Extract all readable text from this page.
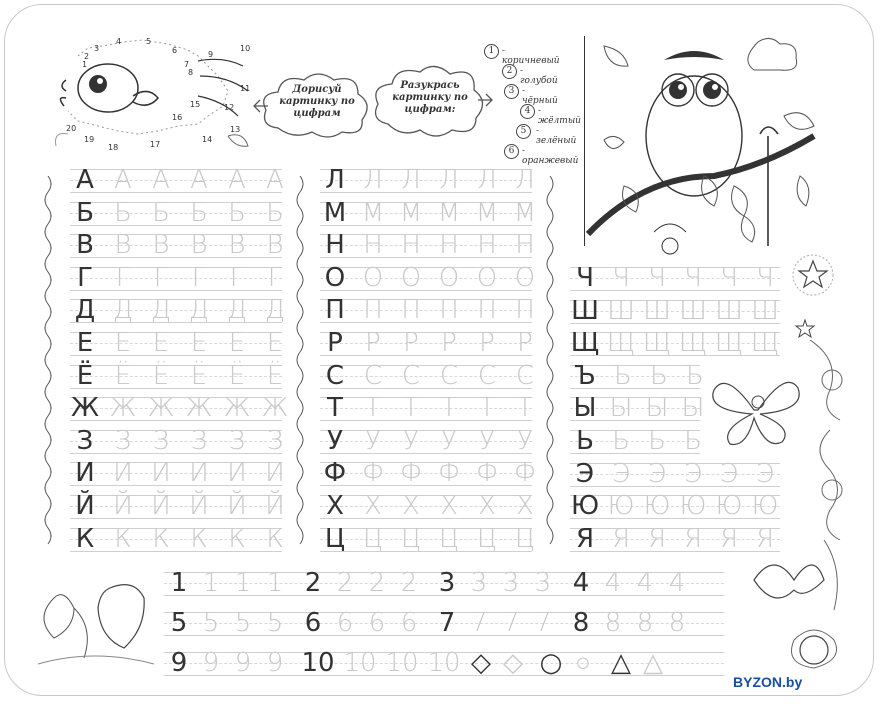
1
2
3
4	5
6
7
8
9
10
11
12
13
14
15
16
17
18
19
20
Дорисуй картинку по цифрам
Разукрась картинку по цифрам:
1 - коричневый
2 - голубой
3 - чёрный
4 - жёлтый
5	- зелёный
6 - оранжевый
А А А А А А
Б Б Б Б Б Б
В В В В В В
Г Г Г Г Г Г
Д Д Д Д Д Д
Е Е Е Е Е Е
Ё Ё Ё Ё Ё Ё
Ж Ж Ж Ж Ж Ж
З З З З З З
И И И И И И
Й Й Й Й Й Й
К К К К К К
Л Л Л Л Л Л
М М М М М М
Н Н Н Н Н Н
О О О О О О
П П П П П П
Р Р Р Р Р Р
С С С С С С
Т Т Т Т Т Т
У У У У У У
Ф Ф Ф Ф Ф Ф
Х Х Х Х Х Х
Ц Ц Ц Ц Ц Ц
Ч Ч Ч Ч Ч Ч
Ш Ш Ш Ш Ш Ш
Щ Щ Щ Щ Щ Щ
Ъ Ъ Ъ Ъ
Ы Ы Ы Ы
Ь Ь Ь Ь
Э Э Э Э Э Э
Ю Ю Ю Ю Ю Ю
Я Я Я Я Я Я
1 1 1 1 2 2 2 2 3 3 3 3 4 4 4 4
5 5 5 5 6 6 6 6 7 7 7 7 8 8 8 8
9 9 9 9 10 10 10 10 ◇ ◇ ○ ○ △ △
BYZON.by
